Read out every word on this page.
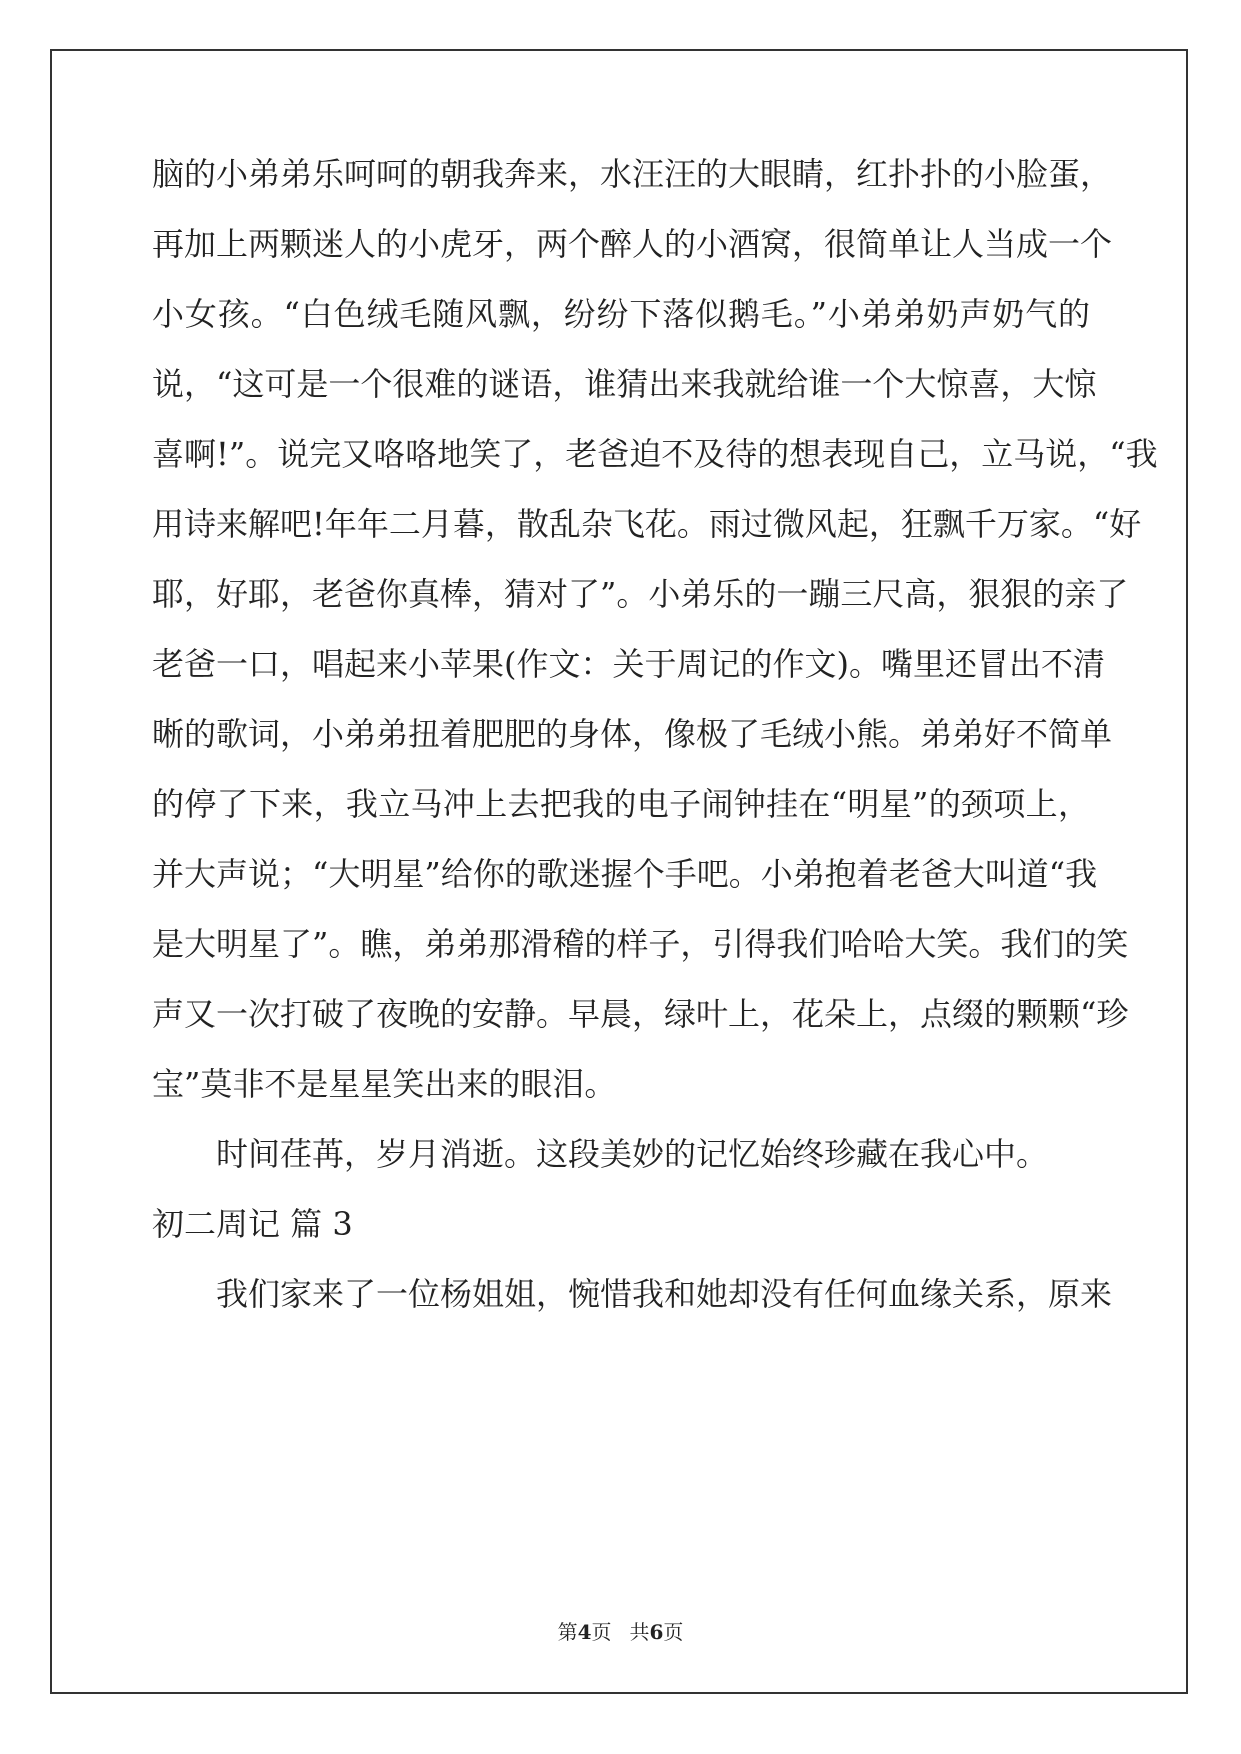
脑的小弟弟乐呵呵的朝我奔来，水汪汪的大眼睛，红扑扑的小脸蛋，
再加上两颗迷人的小虎牙，两个醉人的小酒窝，很简单让人当成一个
小女孩。“白色绒毛随风飘，纷纷下落似鹅毛。”小弟弟奶声奶气的
说，“这可是一个很难的谜语，谁猜出来我就给谁一个大惊喜，大惊
喜啊!”。说完又咯咯地笑了，老爸迫不及待的想表现自己，立马说，“我
用诗来解吧!年年二月暮，散乱杂飞花。雨过微风起，狂飘千万家。“好
耶，好耶，老爸你真棒，猜对了”。小弟乐的一蹦三尺高，狠狠的亲了
老爸一口，唱起来小苹果(作文：关于周记的作文)。嘴里还冒出不清
晰的歌词，小弟弟扭着肥肥的身体，像极了毛绒小熊。弟弟好不简单
的停了下来，我立马冲上去把我的电子闹钟挂在“明星”的颈项上，
并大声说；“大明星”给你的歌迷握个手吧。小弟抱着老爸大叫道“我
是大明星了”。瞧，弟弟那滑稽的样子，引得我们哈哈大笑。我们的笑
声又一次打破了夜晚的安静。早晨，绿叶上，花朵上，点缀的颗颗“珍
宝”莫非不是星星笑出来的眼泪。
时间荏苒，岁月消逝。这段美妙的记忆始终珍藏在我心中。
初二周记 篇 3
我们家来了一位杨姐姐，惋惜我和她却没有任何血缘关系，原来
第4页 共6页
